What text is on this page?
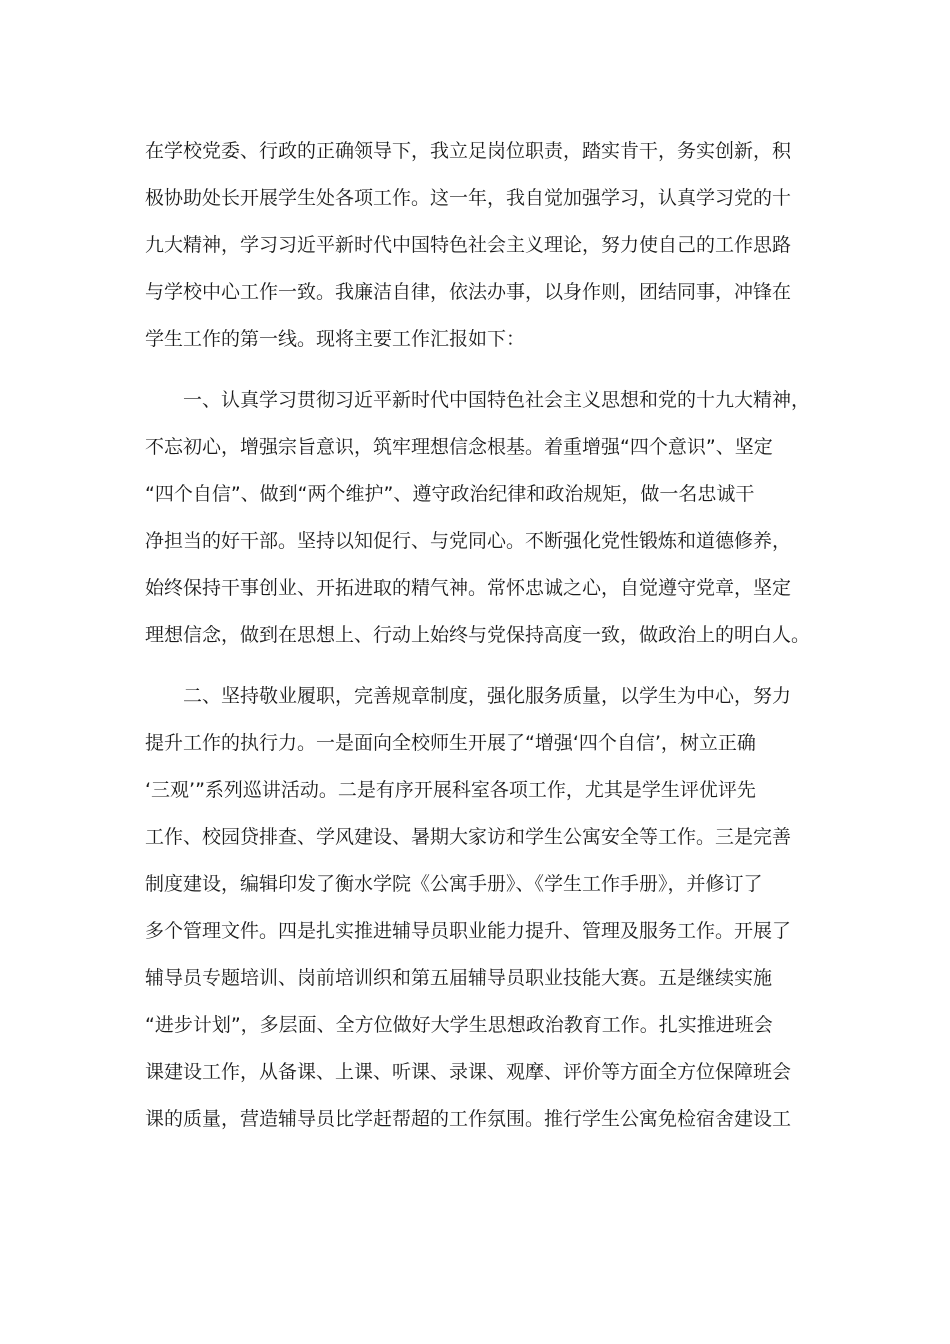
在学校党委、行政的正确领导下，我立足岗位职责，踏实肯干，务实创新，积
极协助处长开展学生处各项工作。这一年，我自觉加强学习，认真学习党的十
九大精神，学习习近平新时代中国特色社会主义理论，努力使自己的工作思路
与学校中心工作一致。我廉洁自律，依法办事，以身作则，团结同事，冲锋在
学生工作的第一线。现将主要工作汇报如下：
一、认真学习贯彻习近平新时代中国特色社会主义思想和党的十九大精神，
不忘初心，增强宗旨意识，筑牢理想信念根基。着重增强“四个意识”、坚定
“四个自信”、做到“两个维护”、遵守政治纪律和政治规矩，做一名忠诚干
净担当的好干部。坚持以知促行、与党同心。不断强化党性锻炼和道德修养，
始终保持干事创业、开拓进取的精气神。常怀忠诚之心，自觉遵守党章，坚定
理想信念，做到在思想上、行动上始终与党保持高度一致，做政治上的明白人。
二、坚持敬业履职，完善规章制度，强化服务质量，以学生为中心，努力
提升工作的执行力。一是面向全校师生开展了“增强‘四个自信’，树立正确
‘三观’”系列巡讲活动。二是有序开展科室各项工作，尤其是学生评优评先
工作、校园贷排查、学风建设、暑期大家访和学生公寓安全等工作。三是完善
制度建设，编辑印发了衡水学院《公寓手册》、《学生工作手册》，并修订了
多个管理文件。四是扎实推进辅导员职业能力提升、管理及服务工作。开展了
辅导员专题培训、岗前培训织和第五届辅导员职业技能大赛。五是继续实施
“进步计划”，多层面、全方位做好大学生思想政治教育工作。扎实推进班会
课建设工作，从备课、上课、听课、录课、观摩、评价等方面全方位保障班会
课的质量，营造辅导员比学赶帮超的工作氛围。推行学生公寓免检宿舍建设工
